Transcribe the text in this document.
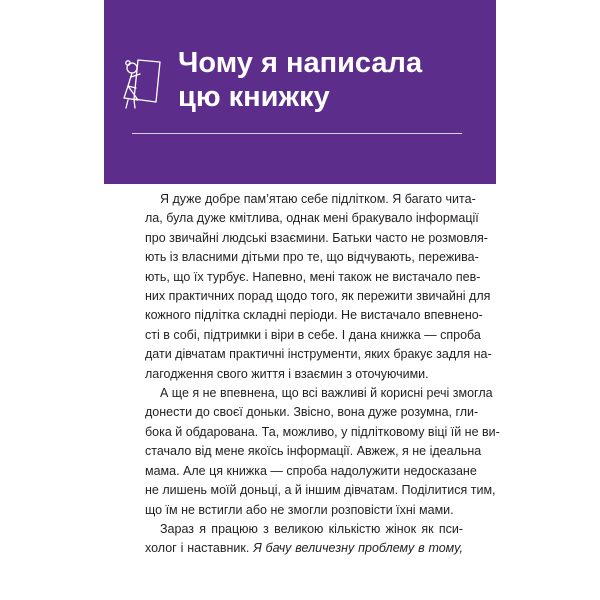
Чому я написала
цю книжку
Я дуже добре пам’ятаю себе підлітком. Я багато чита-
ла, була дуже кмітлива, однак мені бракувало інформації
про звичайні людські взаємини. Батьки часто не розмовля-
ють із власними дітьми про те, що відчувають, пережива-
ють, що їх турбує. Напевно, мені також не вистачало пев-
них практичних порад щодо того, як пережити звичайні для
кожного підлітка складні періоди. Не вистачало впевнено-
сті в собі, підтримки і віри в себе. І дана книжка — спроба
дати дівчатам практичні інструменти, яких бракує задля на-
лагодження свого життя і взаємин з оточуючими.
А ще я не впевнена, що всі важливі й корисні речі змогла
донести до своєї доньки. Звісно, вона дуже розумна, гли-
бока й обдарована. Та, можливо, у підлітковому віці їй не ви-
стачало від мене якоїсь інформації. Авжеж, я не ідеальна
мама. Але ця книжка — спроба надолужити недосказане
не лишень моїй доньці, а й іншим дівчатам. Поділитися тим,
що їм не встигли або не змогли розповісти їхні мами.
Зараз я працюю з великою кількістю жінок як пси-
холог і наставник. Я бачу величезну проблему в тому,
